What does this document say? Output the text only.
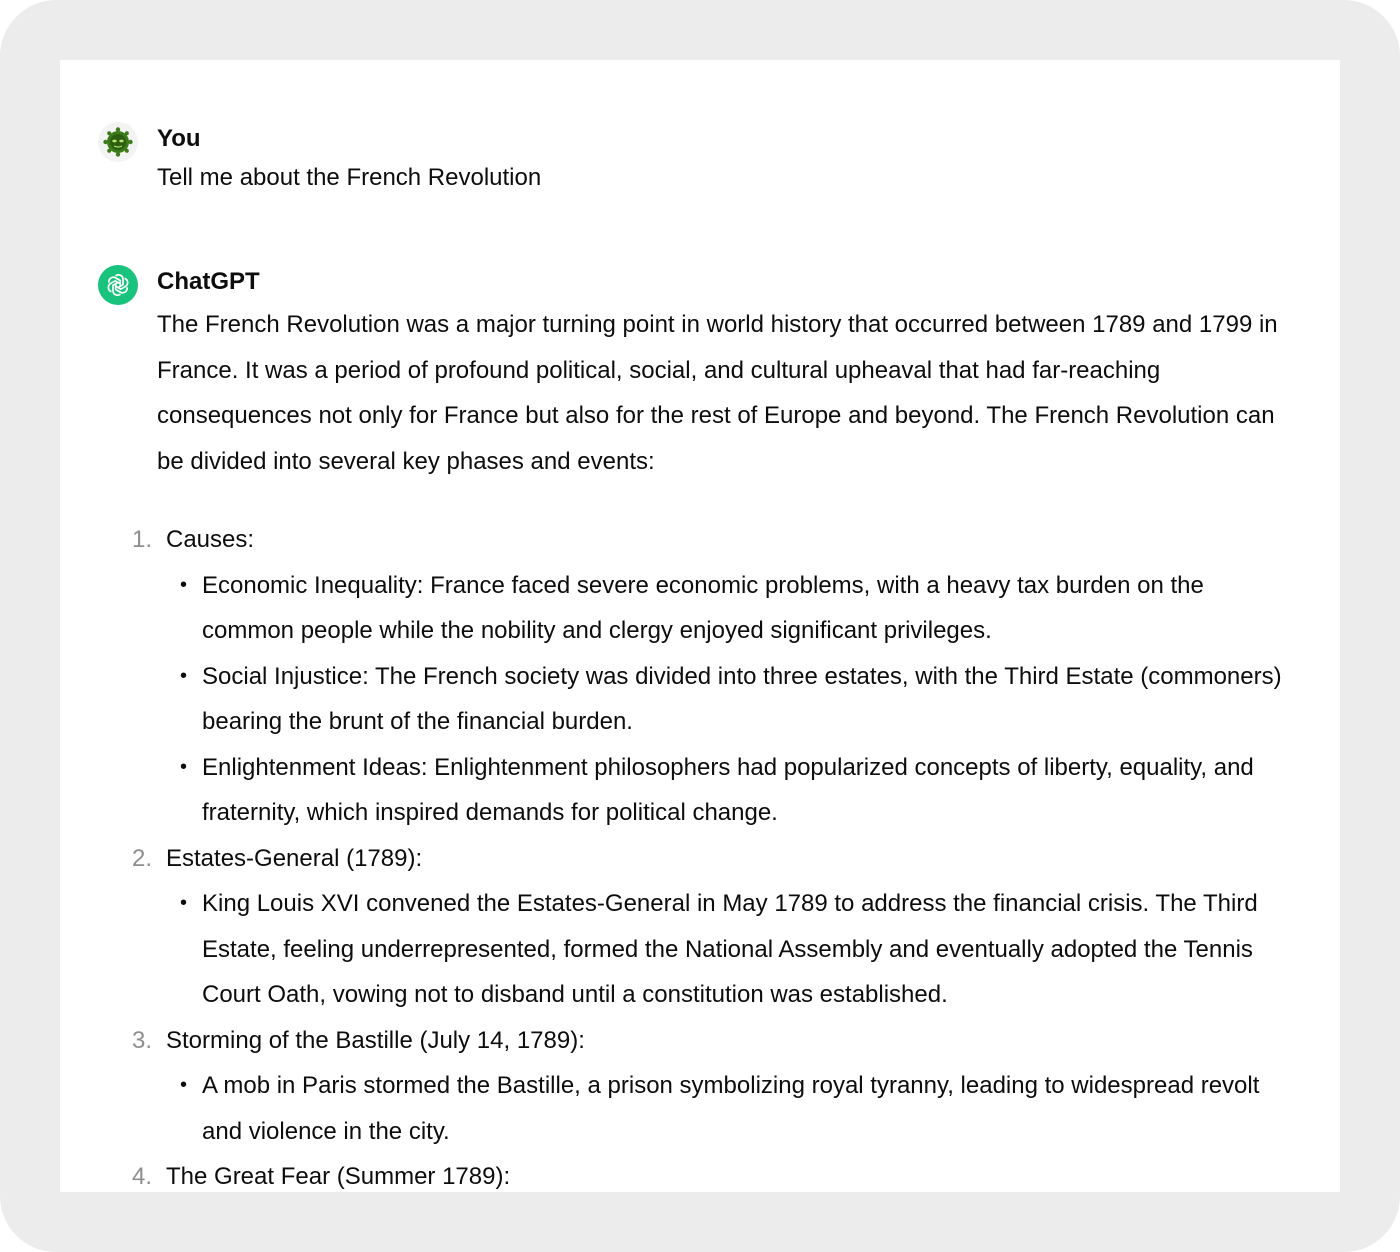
You
Tell me about the French Revolution
ChatGPT

The French Revolution was a major turning point in world history that occurred between 1789 and 1799 in France. It was a period of profound political, social, and cultural upheaval that had far-reaching consequences not only for France but also for the rest of Europe and beyond. The French Revolution can be divided into several key phases and events:

1. Causes:
• Economic Inequality: France faced severe economic problems, with a heavy tax burden on the common people while the nobility and clergy enjoyed significant privileges.
• Social Injustice: The French society was divided into three estates, with the Third Estate (commoners) bearing the brunt of the financial burden.
• Enlightenment Ideas: Enlightenment philosophers had popularized concepts of liberty, equality, and fraternity, which inspired demands for political change.
2. Estates-General (1789):
• King Louis XVI convened the Estates-General in May 1789 to address the financial crisis. The Third Estate, feeling underrepresented, formed the National Assembly and eventually adopted the Tennis Court Oath, vowing not to disband until a constitution was established.
3. Storming of the Bastille (July 14, 1789):
• A mob in Paris stormed the Bastille, a prison symbolizing royal tyranny, leading to widespread revolt and violence in the city.
4. The Great Fear (Summer 1789):
